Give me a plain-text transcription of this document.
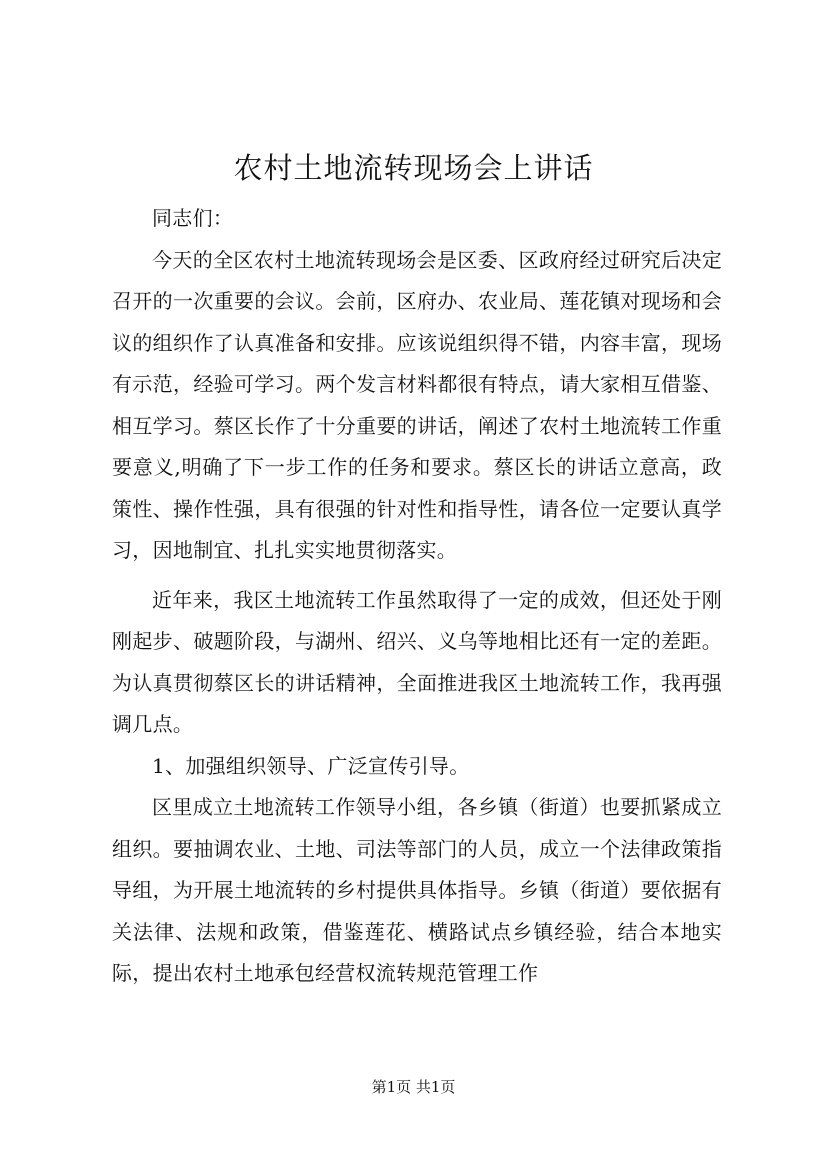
农村土地流转现场会上讲话

同志们：

今天的全区农村土地流转现场会是区委、区政府经过研究后决定召开的一次重要的会议。会前，区府办、农业局、莲花镇对现场和会议的组织作了认真准备和安排。应该说组织得不错，内容丰富，现场有示范，经验可学习。两个发言材料都很有特点，请大家相互借鉴、相互学习。蔡区长作了十分重要的讲话，阐述了农村土地流转工作重要意义,明确了下一步工作的任务和要求。蔡区长的讲话立意高，政策性、操作性强，具有很强的针对性和指导性，请各位一定要认真学习，因地制宜、扎扎实实地贯彻落实。

近年来，我区土地流转工作虽然取得了一定的成效，但还处于刚刚起步、破题阶段，与湖州、绍兴、义乌等地相比还有一定的差距。为认真贯彻蔡区长的讲话精神，全面推进我区土地流转工作，我再强调几点。

1、加强组织领导、广泛宣传引导。

区里成立土地流转工作领导小组，各乡镇（街道）也要抓紧成立组织。要抽调农业、土地、司法等部门的人员，成立一个法律政策指导组，为开展土地流转的乡村提供具体指导。乡镇（街道）要依据有关法律、法规和政策，借鉴莲花、横路试点乡镇经验，结合本地实际，提出农村土地承包经营权流转规范管理工作

第1页 共1页
